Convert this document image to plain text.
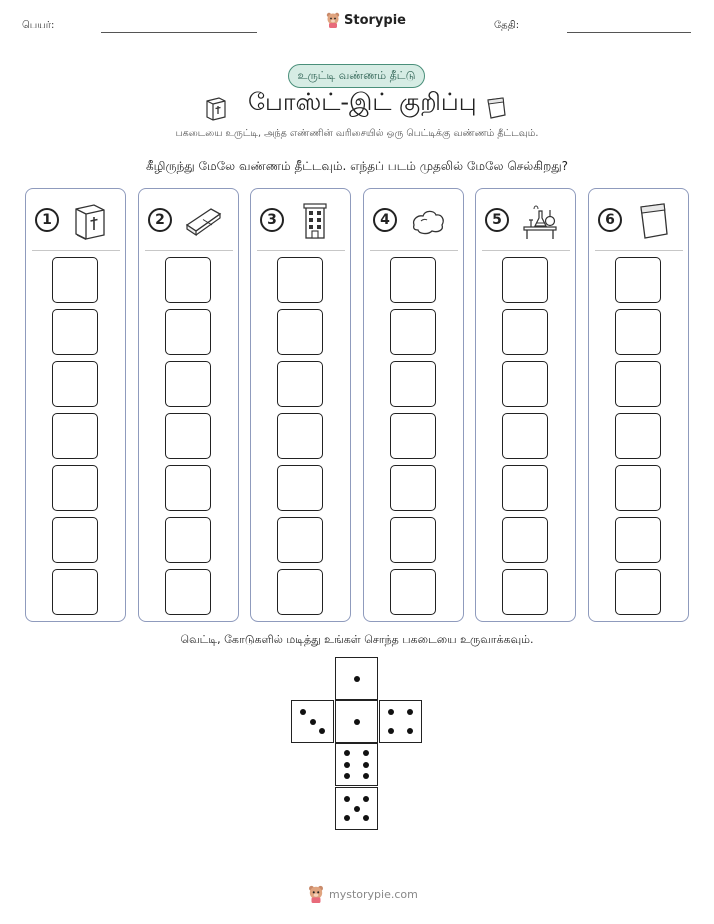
பெயர்:	Storypie	தேதி:
உருட்டி வண்ணம் தீட்டு
போஸ்ட்-இட் குறிப்பு
பகடையை உருட்டி, அந்த எண்ணின் வரிசையில் ஒரு பெட்டிக்கு வண்ணம் தீட்டவும்.
கீழிருந்து மேலே வண்ணம் தீட்டவும். எந்தப் படம் முதலில் மேலே செல்கிறது?
1	2	3	4	5	6
வெட்டி, கோடுகளில் மடித்து உங்கள் சொந்த பகடையை உருவாக்கவும்.
mystorypie.com
